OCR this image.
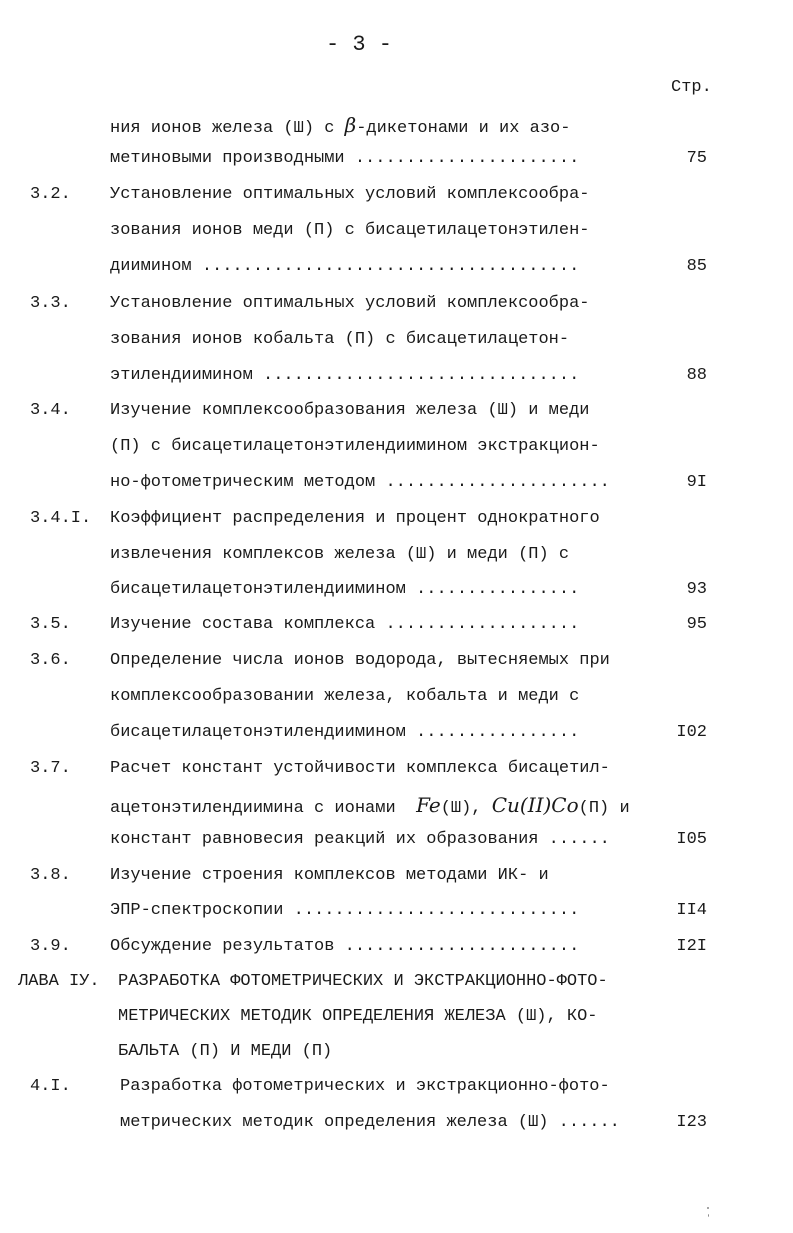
- 3 -
Стр.
ния ионов железа (Ш) с β-дикетонами и их азо-
метиновыми производными ......................	75
3.2. Установление оптимальных условий комплексообра-
зования ионов меди (П) с бисацетилацетонэтилен-
диимином .....................................	85
3.3. Установление оптимальных условий комплексообра-
зования ионов кобальта (П) с бисацетилацетон-
этилендиимином ...............................	88
3.4. Изучение комплексообразования железа (Ш) и меди
(П) с бисацетилацетонэтилендиимином экстракцион-
но-фотометрическим методом ......................	9I
3.4.I. Коэффициент распределения и процент однократного
извлечения комплексов железа (Ш) и меди (П) с
бисацетилацетонэтилендиимином ................	93
3.5. Изучение состава комплекса ...................	95
3.6. Определение числа ионов водорода, вытесняемых при
комплексообразовании железа, кобальта и меди с
бисацетилацетонэтилендиимином ................	I02
3.7. Расчет констант устойчивости комплекса бисацетил-
ацетонэтилендиимина с ионами  Fe(Ш), Cu(II)Co(П) и
констант равновесия реакций их образования ......	I05
3.8. Изучение строения комплексов методами ИК- и
ЭПР-спектроскопии ............................	II4
3.9. Обсуждение результатов .......................	I2I
ЛАВА IУ. РАЗРАБОТКА ФОТОМЕТРИЧЕСКИХ И ЭКСТРАКЦИОННО-ФОТО-
МЕТРИЧЕСКИХ МЕТОДИК ОПРЕДЕЛЕНИЯ ЖЕЛЕЗА (Ш), КО-
БАЛЬТА (П) И МЕДИ (П)
4.I.	Разработка фотометрических и экстракционно-фото-
метрических методик определения железа (Ш) ......	I23
